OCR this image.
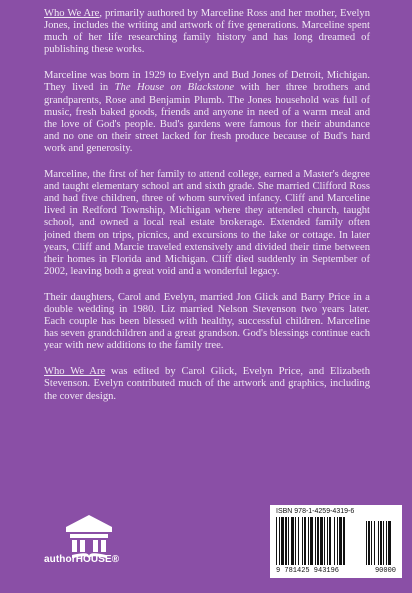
Who We Are, primarily authored by Marceline Ross and her mother, Evelyn Jones, includes the writing and artwork of five generations. Marceline spent much of her life researching family history and has long dreamed of publishing these works.

Marceline was born in 1929 to Evelyn and Bud Jones of Detroit, Michigan. They lived in The House on Blackstone with her three brothers and grandparents, Rose and Benjamin Plumb. The Jones household was full of music, fresh baked goods, friends and anyone in need of a warm meal and the love of God's people. Bud's gardens were famous for their abundance and no one on their street lacked for fresh produce because of Bud's hard work and generosity.

Marceline, the first of her family to attend college, earned a Master's degree and taught elementary school art and sixth grade. She married Clifford Ross and had five children, three of whom survived infancy. Cliff and Marceline lived in Redford Township, Michigan where they attended church, taught school, and owned a local real estate brokerage. Extended family often joined them on trips, picnics, and excursions to the lake or cottage. In later years, Cliff and Marcie traveled extensively and divided their time between their homes in Florida and Michigan. Cliff died suddenly in September of 2002, leaving both a great void and a wonderful legacy.

Their daughters, Carol and Evelyn, married Jon Glick and Barry Price in a double wedding in 1980. Liz married Nelson Stevenson two years later. Each couple has been blessed with healthy, successful children. Marceline has seven grandchildren and a great grandson. God's blessings continue each year with new additions to the family tree.

Who We Are was edited by Carol Glick, Evelyn Price, and Elizabeth Stevenson. Evelyn contributed much of the artwork and graphics, including the cover design.

authorHOUSE®
ISBN 978-1-4259-4319-6
9 781425 943196	90000
